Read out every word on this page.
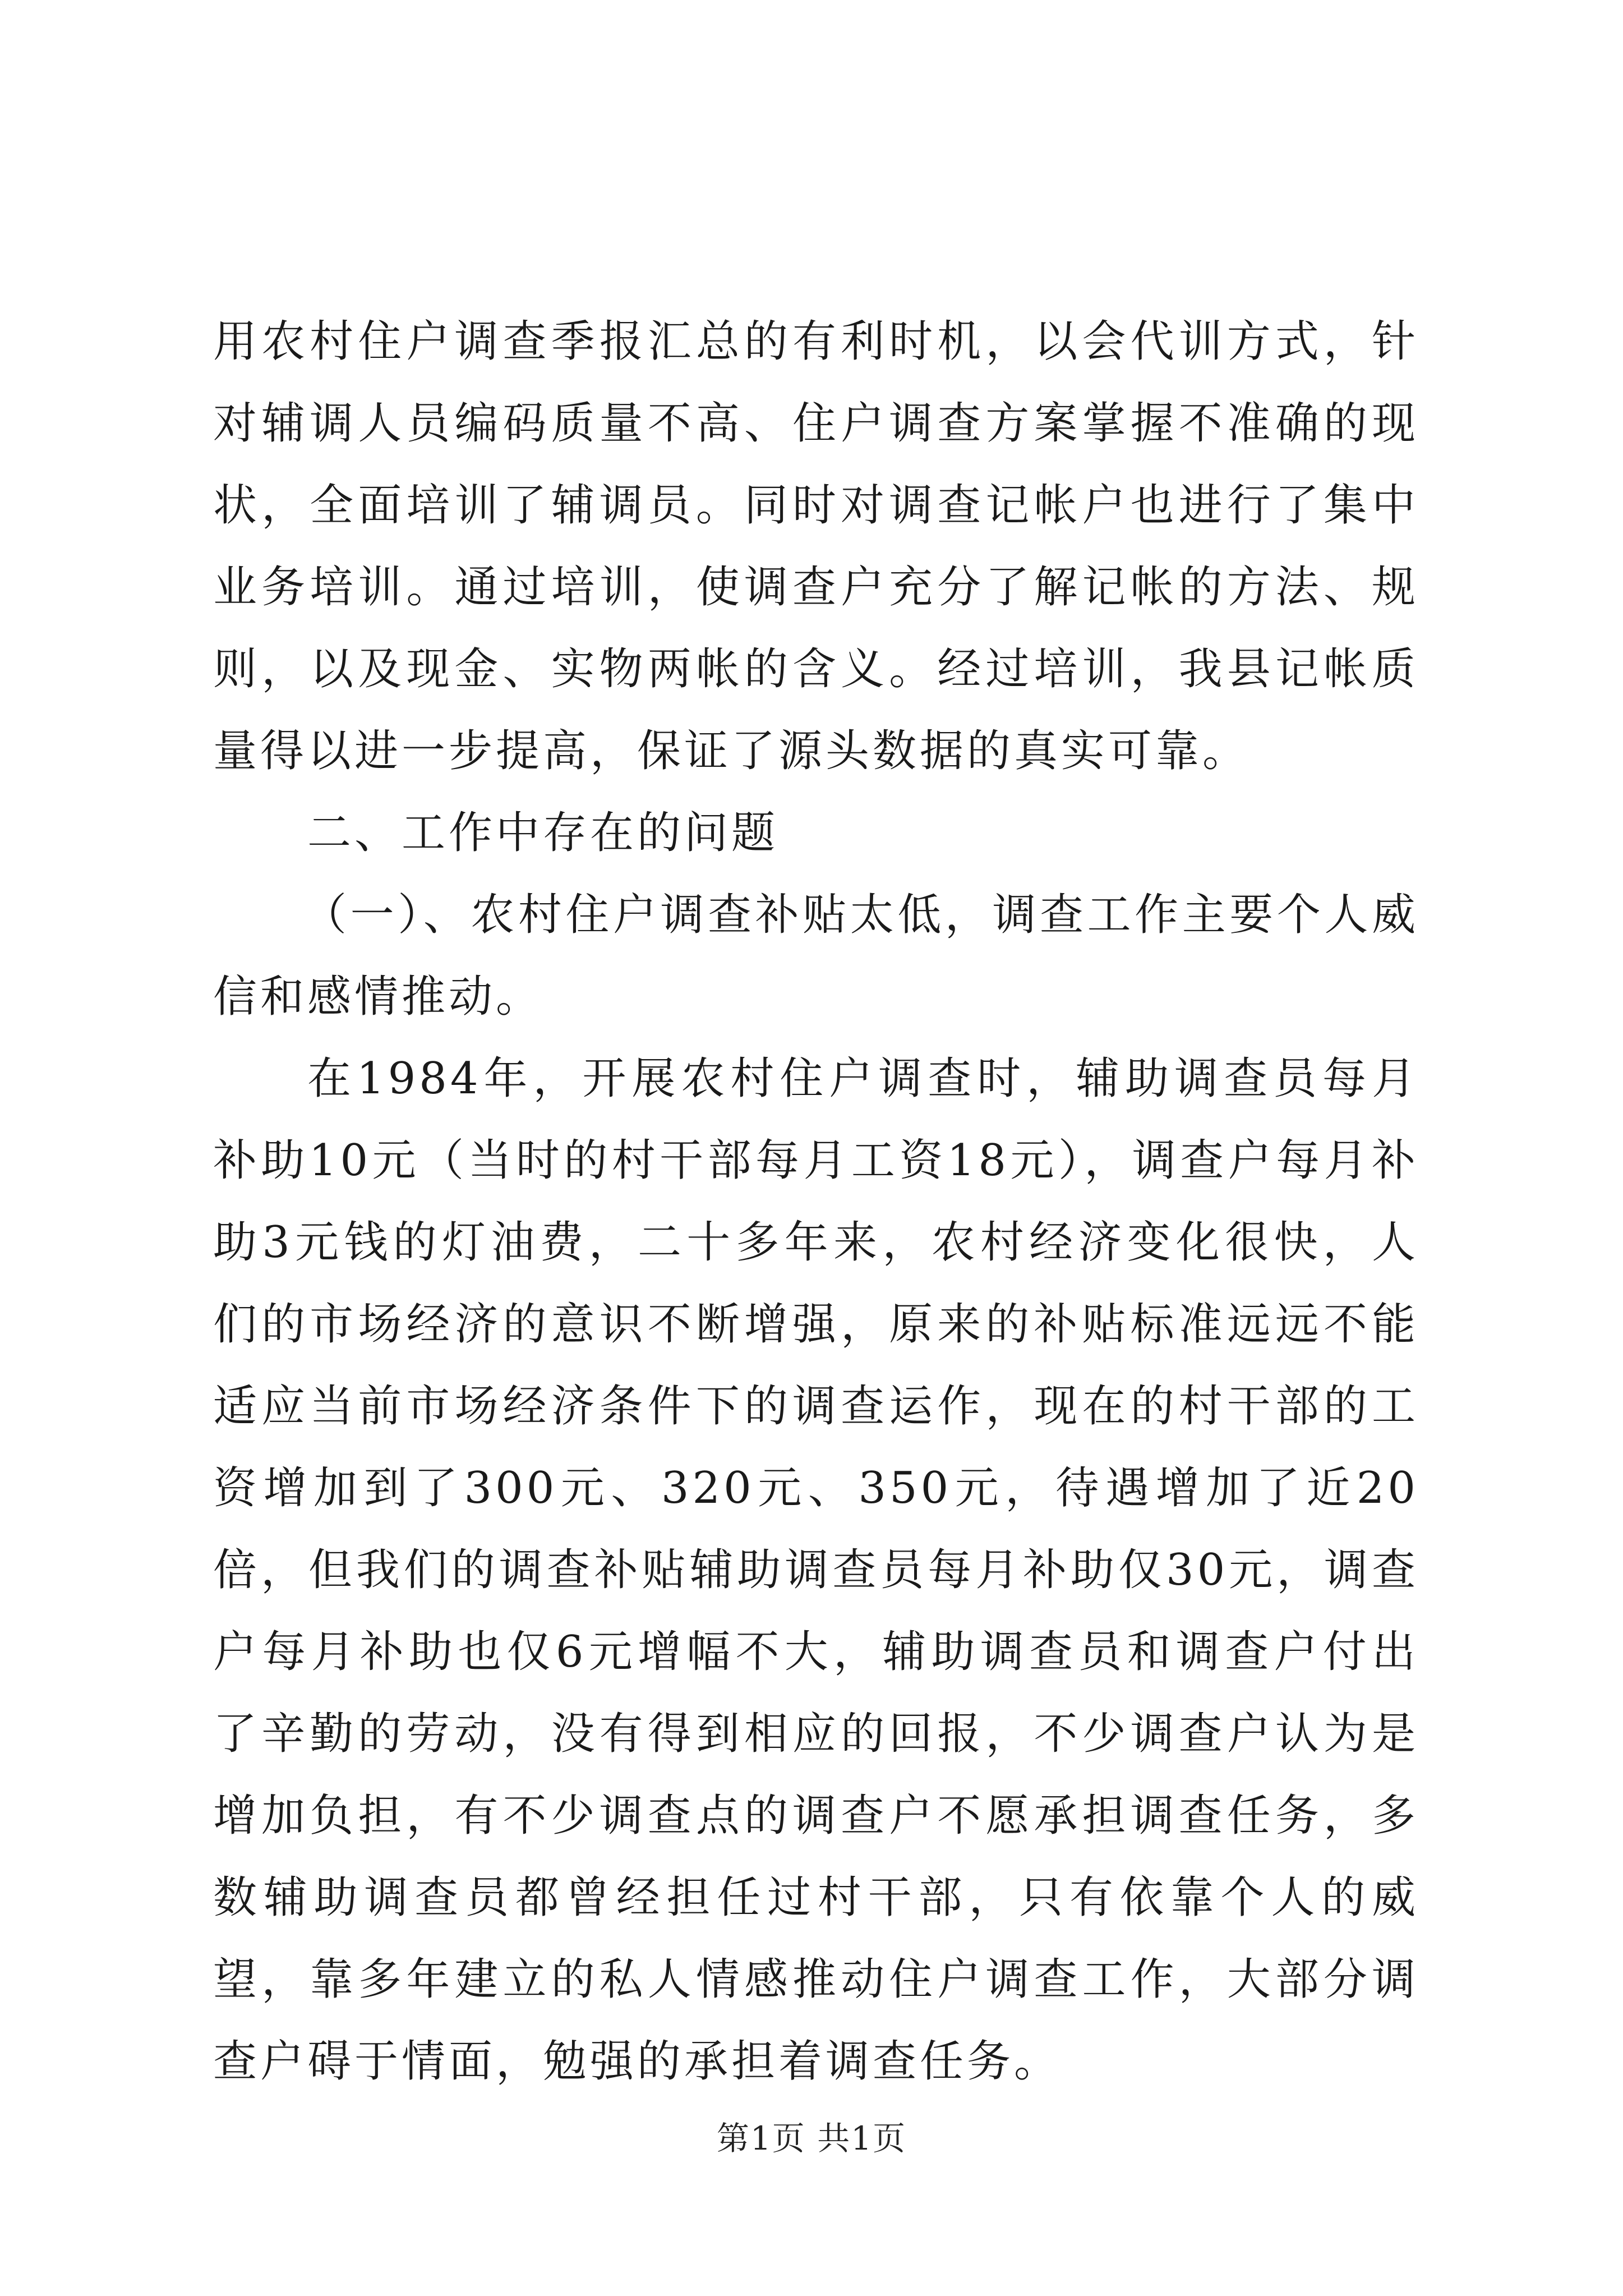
用农村住户调查季报汇总的有利时机，以会代训方式，针对辅调人员编码质量不高、住户调查方案掌握不准确的现状，全面培训了辅调员。同时对调查记帐户也进行了集中业务培训。通过培训，使调查户充分了解记帐的方法、规则，以及现金、实物两帐的含义。经过培训，我县记帐质量得以进一步提高，保证了源头数据的真实可靠。

二、工作中存在的问题

（一）、农村住户调查补贴太低，调查工作主要个人威信和感情推动。

在1984年，开展农村住户调查时，辅助调查员每月补助10元（当时的村干部每月工资18元），调查户每月补助3元钱的灯油费，二十多年来，农村经济变化很快，人们的市场经济的意识不断增强，原来的补贴标准远远不能适应当前市场经济条件下的调查运作，现在的村干部的工资增加到了300元、320元、350元，待遇增加了近20倍，但我们的调查补贴辅助调查员每月补助仅30元，调查户每月补助也仅6元增幅不大，辅助调查员和调查户付出了辛勤的劳动，没有得到相应的回报，不少调查户认为是增加负担，有不少调查点的调查户不愿承担调查任务，多数辅助调查员都曾经担任过村干部，只有依靠个人的威望，靠多年建立的私人情感推动住户调查工作，大部分调查户碍于情面，勉强的承担着调查任务。

第1页 共1页
